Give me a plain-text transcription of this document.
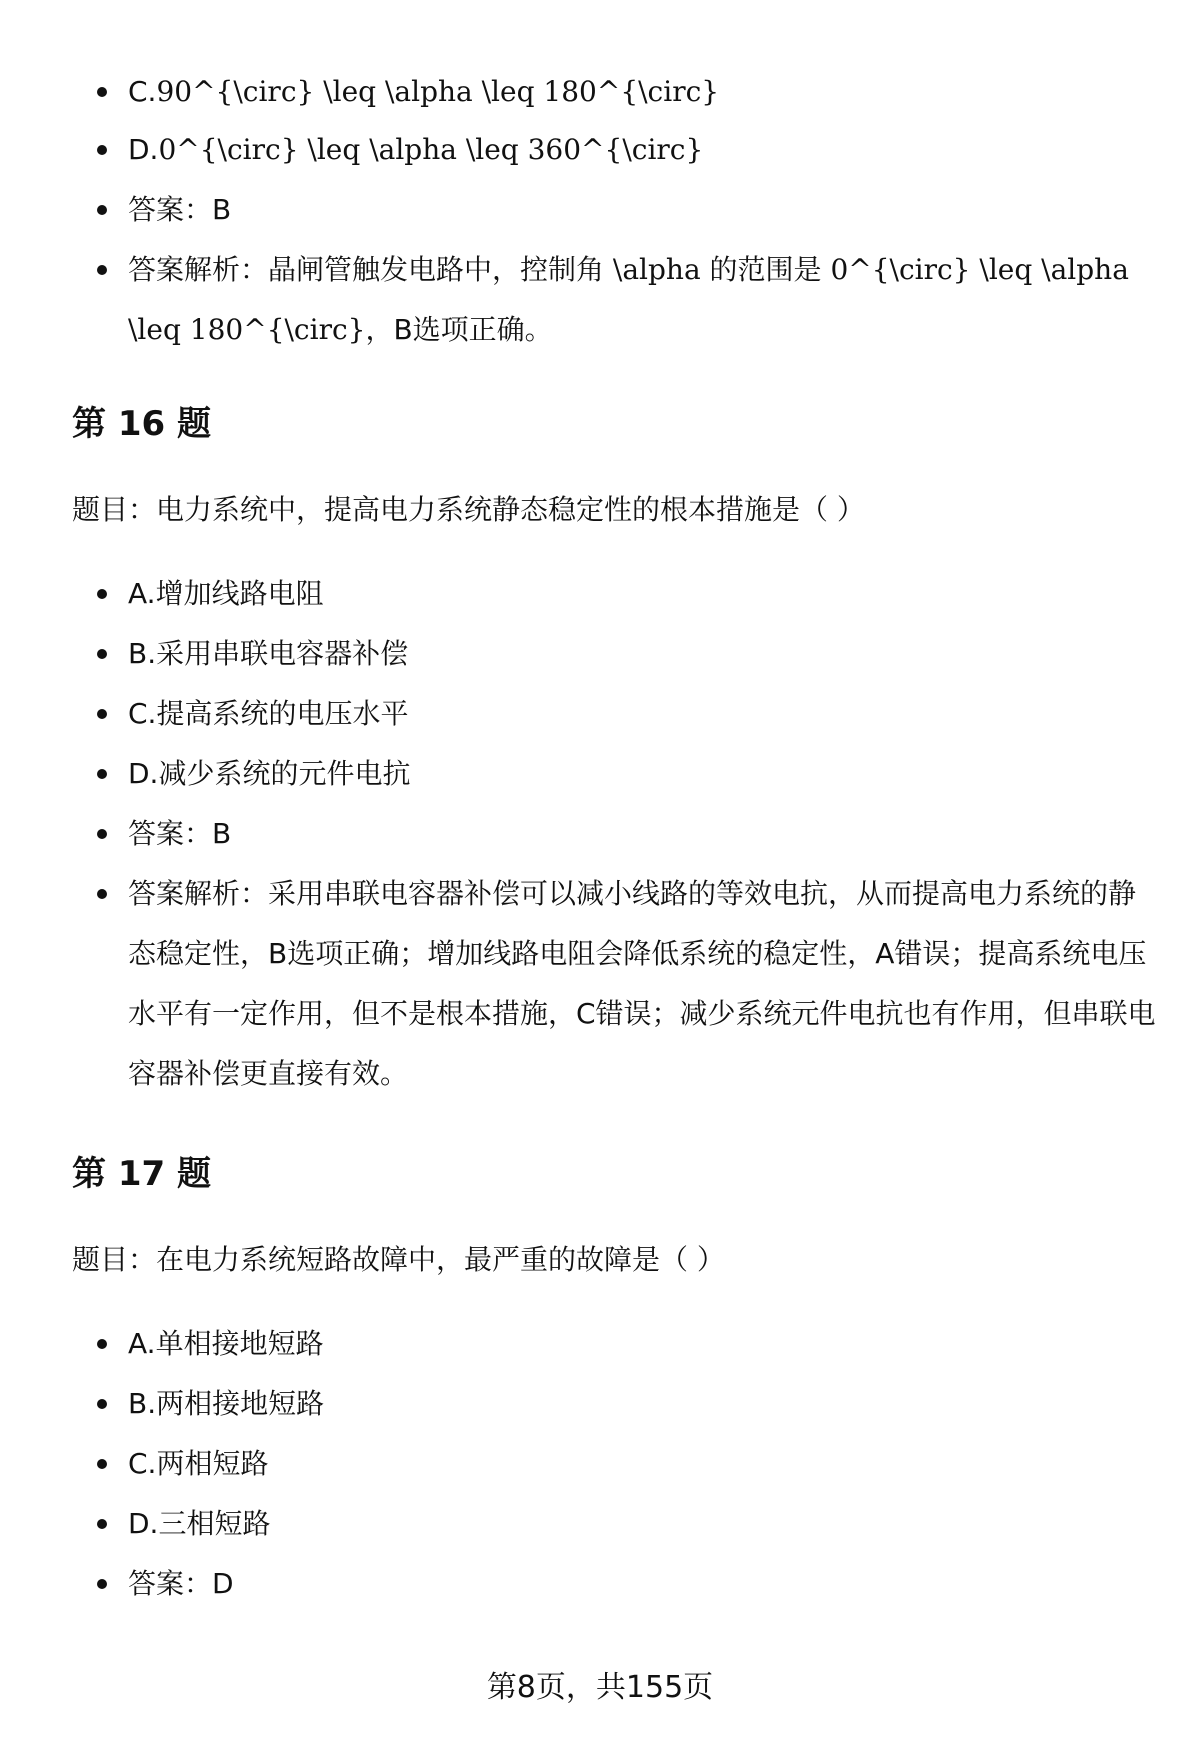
C.90^{\circ} \leq \alpha \leq 180^{\circ}
D.0^{\circ} \leq \alpha \leq 360^{\circ}
答案：B
答案解析：晶闸管触发电路中，控制角 \alpha 的范围是 0^{\circ} \leq \alpha \leq 180^{\circ}，B选项正确。
第 16 题

题目：电力系统中，提高电力系统静态稳定性的根本措施是（ ）

A.增加线路电阻
B.采用串联电容器补偿
C.提高系统的电压水平
D.减少系统的元件电抗
答案：B
答案解析：采用串联电容器补偿可以减小线路的等效电抗，从而提高电力系统的静态稳定性，B选项正确；增加线路电阻会降低系统的稳定性，A错误；提高系统电压水平有一定作用，但不是根本措施，C错误；减少系统元件电抗也有作用，但串联电容器补偿更直接有效。
第 17 题

题目：在电力系统短路故障中，最严重的故障是（ ）

A.单相接地短路
B.两相接地短路
C.两相短路
D.三相短路
答案：D
第8页，共155页
